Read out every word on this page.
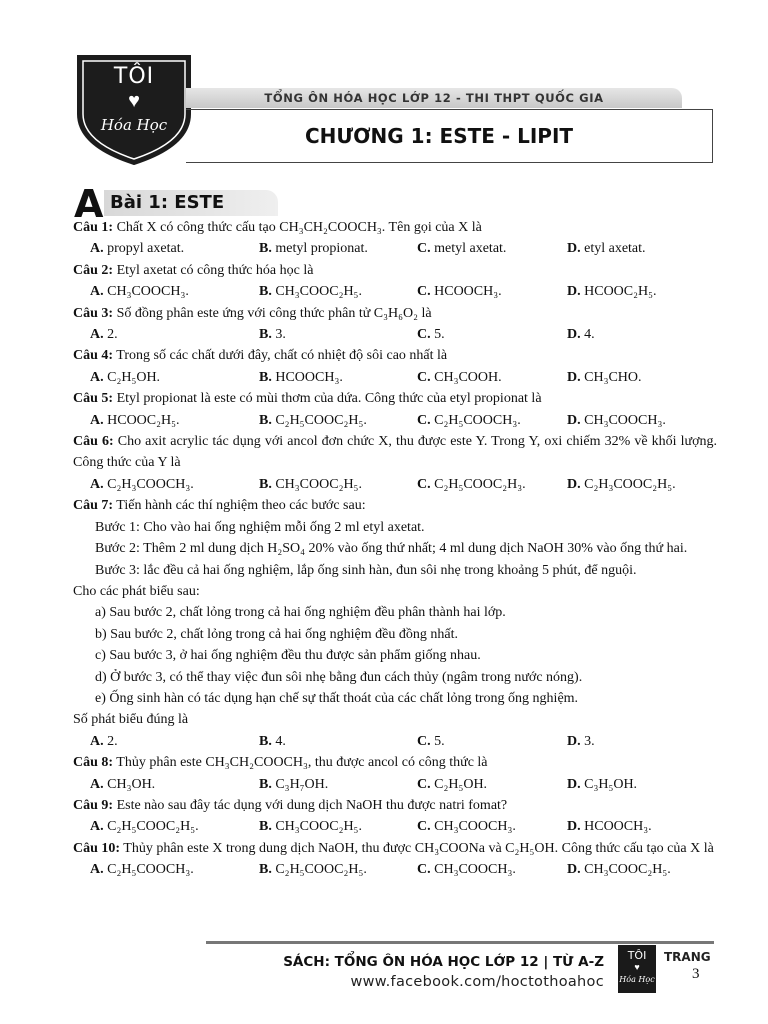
TÔI
♥
Hóa Học
TỔNG ÔN HÓA HỌC LỚP 12 - THI THPT QUỐC GIA
CHƯƠNG 1: ESTE - LIPIT
Bài 1: ESTE
A
Câu 1: Chất X có công thức cấu tạo CH₃CH₂COOCH₃. Tên gọi của X là
A. propyl axetat.	B. metyl propionat.	C. metyl axetat.	D. etyl axetat.
Câu 2: Etyl axetat có công thức hóa học là
A. CH₃COOCH₃.	B. CH₃COOC₂H₅.	C. HCOOCH₃.	D. HCOOC₂H₅.
Câu 3: Số đồng phân este ứng với công thức phân tử C₃H₆O₂ là
A. 2.	B. 3.	C. 5.	D. 4.
Câu 4: Trong số các chất dưới đây, chất có nhiệt độ sôi cao nhất là
A. C₂H₅OH.	B. HCOOCH₃.	C. CH₃COOH.	D. CH₃CHO.
Câu 5: Etyl propionat là este có mùi thơm của dứa. Công thức của etyl propionat là
A. HCOOC₂H₅.	B. C₂H₅COOC₂H₅.	C. C₂H₅COOCH₃.	D. CH₃COOCH₃.
Câu 6: Cho axit acrylic tác dụng với ancol đơn chức X, thu được este Y. Trong Y, oxi chiếm 32% về khối lượng. Công thức của Y là
A. C₂H₃COOCH₃.	B. CH₃COOC₂H₅.	C. C₂H₅COOC₂H₃.	D. C₂H₃COOC₂H₅.
Câu 7: Tiến hành các thí nghiệm theo các bước sau:
Bước 1: Cho vào hai ống nghiệm mỗi ống 2 ml etyl axetat.
Bước 2: Thêm 2 ml dung dịch H₂SO₄ 20% vào ống thứ nhất; 4 ml dung dịch NaOH 30% vào ống thứ hai.
Bước 3: lắc đều cả hai ống nghiệm, lắp ống sinh hàn, đun sôi nhẹ trong khoảng 5 phút, để nguội.
Cho các phát biểu sau:
a) Sau bước 2, chất lỏng trong cả hai ống nghiệm đều phân thành hai lớp.
b) Sau bước 2, chất lỏng trong cả hai ống nghiệm đều đồng nhất.
c) Sau bước 3, ở hai ống nghiệm đều thu được sản phẩm giống nhau.
d) Ở bước 3, có thể thay việc đun sôi nhẹ bằng đun cách thủy (ngâm trong nước nóng).
e) Ống sinh hàn có tác dụng hạn chế sự thất thoát của các chất lỏng trong ống nghiệm.
Số phát biểu đúng là
A. 2.	B. 4.	C. 5.	D. 3.
Câu 8: Thủy phân este CH₃CH₂COOCH₃, thu được ancol có công thức là
A. CH₃OH.	B. C₃H₇OH.	C. C₂H₅OH.	D. C₃H₅OH.
Câu 9: Este nào sau đây tác dụng với dung dịch NaOH thu được natri fomat?
A. C₂H₅COOC₂H₅.	B. CH₃COOC₂H₅.	C. CH₃COOCH₃.	D. HCOOCH₃.
Câu 10: Thủy phân este X trong dung dịch NaOH, thu được CH₃COONa và C₂H₅OH. Công thức cấu tạo của X là
A. C₂H₅COOCH₃.	B. C₂H₅COOC₂H₅.	C. CH₃COOCH₃.	D. CH₃COOC₂H₅.
SÁCH: TỔNG ÔN HÓA HỌC LỚP 12 | TỪ A-Z
www.facebook.com/hoctothoahoc
TÔI
♥
Hóa Học
TRANG
3
